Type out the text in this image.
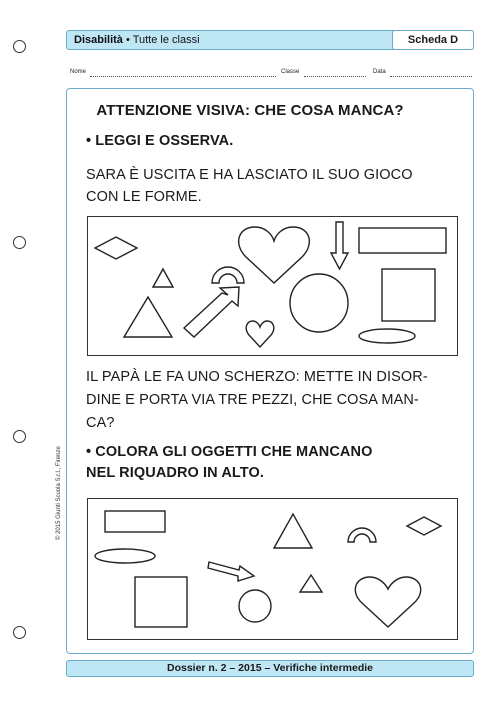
Disabilità • Tutte le classi	Scheda D
Nome	Classe	Data
ATTENZIONE VISIVA: CHE COSA MANCA?
• LEGGI E OSSERVA.
SARA È USCITA E HA LASCIATO IL SUO GIOCO
CON LE FORME.
IL PAPÀ LE FA UNO SCHERZO: METTE IN DISOR-
DINE E PORTA VIA TRE PEZZI, CHE COSA MAN-
CA?
• COLORA GLI OGGETTI CHE MANCANO
NEL RIQUADRO IN ALTO.
© 2015 Giunti Scuola S.r.l., Firenze
Dossier n. 2 – 2015 – Verifiche intermedie
